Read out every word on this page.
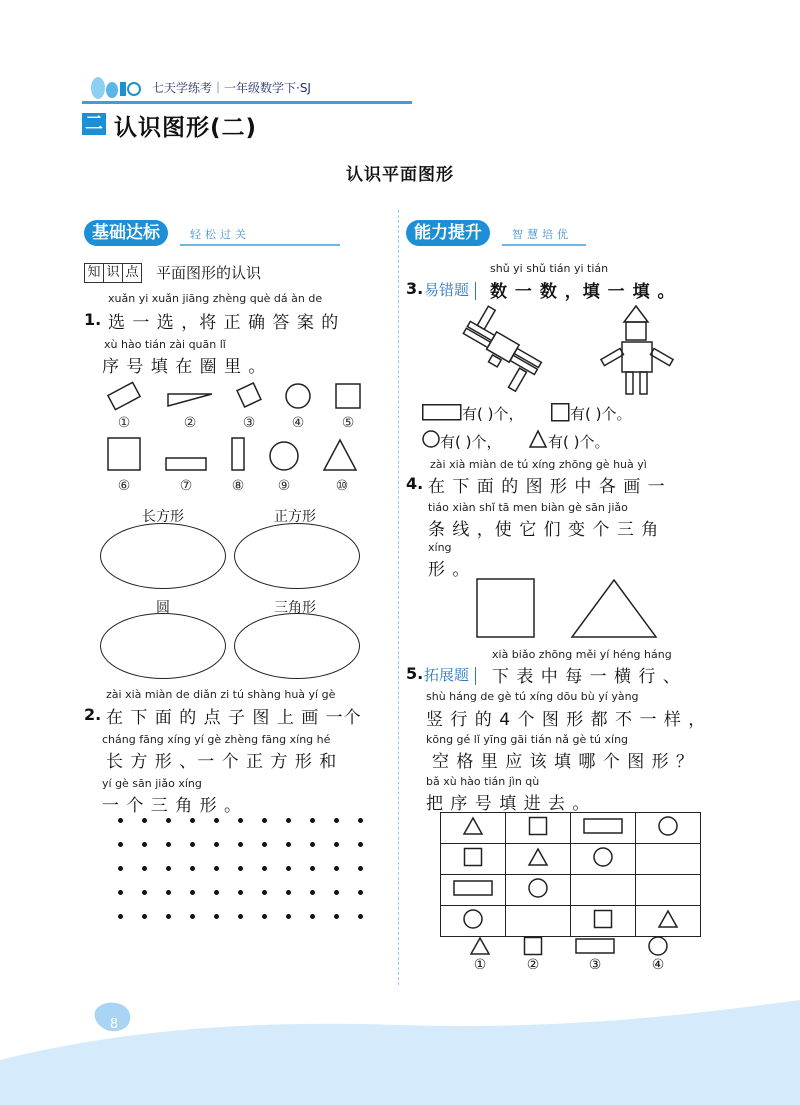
七天学练考｜一年级数学下·SJ
二 认识图形(二)
认识平面图形
基础达标	轻松过关
知 识 点 平面图形的认识
xuǎn yi xuǎn jiāng zhèng què dá àn de
1. 选 一 选 ，将 正 确 答 案 的
xù hào tián zài quān lǐ
序 号 填 在 圈 里 。
①	②	③	④	⑤
⑥	⑦	⑧	⑨	⑩
长方形	正方形
圆	三角形
zài xià miàn de diǎn zi tú shàng huà yí gè
2. 在 下 面 的 点 子 图 上 画 一个
cháng fāng xíng yí gè zhèng fāng xíng hé
长 方 形 、一 个 正 方 形 和
yí gè sān jiǎo xíng
一 个 三 角 形 。
能力提升	智慧培优
shǔ yi shǔ tián yi tián
3. 易错题	数 一 数 ，填 一 填 。
有( )个，	有( )个。
有( )个，	有( )个。
zài xià miàn de tú xíng zhōng gè huà yì
4. 在 下 面 的 图 形 中 各 画 一
tiáo xiàn shǐ tā men biàn gè sān jiǎo
条 线 ，使 它 们 变 个 三 角
xíng
形 。
xià biǎo zhōng měi yí héng háng
5. 拓展题	下 表 中 每 一 横 行 、
shù háng de gè tú xíng dōu bù yí yàng
竖 行 的 4 个 图 形 都 不 一 样 ，
kōng gé lǐ yīng gāi tián nǎ gè tú xíng
空 格 里 应 该 填 哪 个 图 形 ？
bǎ xù hào tián jìn qù
把 序 号 填 进 去 。

①	②	③	④
8
